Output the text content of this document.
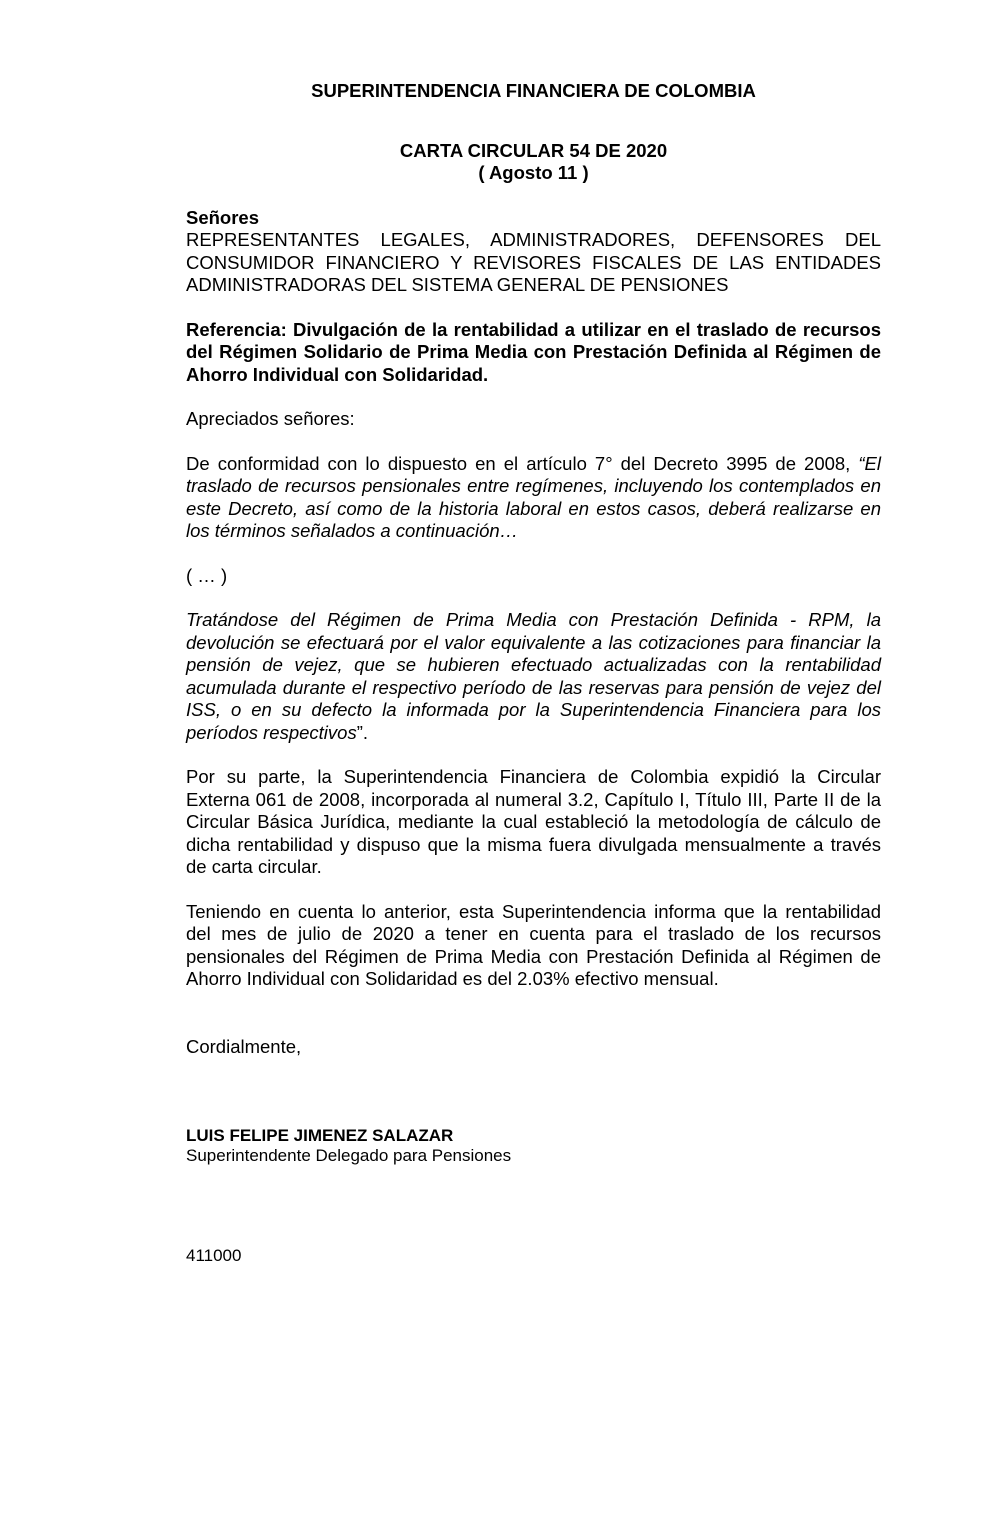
SUPERINTENDENCIA FINANCIERA DE COLOMBIA
CARTA CIRCULAR 54 DE 2020
( Agosto 11 )
Señores
REPRESENTANTES LEGALES, ADMINISTRADORES, DEFENSORES DEL CONSUMIDOR FINANCIERO Y REVISORES FISCALES DE LAS ENTIDADES ADMINISTRADORAS DEL SISTEMA GENERAL DE PENSIONES
Referencia: Divulgación de la rentabilidad a utilizar en el traslado de recursos del Régimen Solidario de Prima Media con Prestación Definida al Régimen de Ahorro Individual con Solidaridad.
Apreciados señores:

De conformidad con lo dispuesto en el artículo 7° del Decreto 3995 de 2008, “El traslado de recursos pensionales entre regímenes, incluyendo los contemplados en este Decreto, así como de la historia laboral en estos casos, deberá realizarse en los términos señalados a continuación…

( … )

Tratándose del Régimen de Prima Media con Prestación Definida - RPM, la devolución se efectuará por el valor equivalente a las cotizaciones para financiar la pensión de vejez, que se hubieren efectuado actualizadas con la rentabilidad acumulada durante el respectivo período de las reservas para pensión de vejez del ISS, o en su defecto la informada por la Superintendencia Financiera para los períodos respectivos”.

Por su parte, la Superintendencia Financiera de Colombia expidió la Circular Externa 061 de 2008, incorporada al numeral 3.2, Capítulo I, Título III, Parte II de la Circular Básica Jurídica, mediante la cual estableció la metodología de cálculo de dicha rentabilidad y dispuso que la misma fuera divulgada mensualmente a través de carta circular.

Teniendo en cuenta lo anterior, esta Superintendencia informa que la rentabilidad del mes de julio de 2020 a tener en cuenta para el traslado de los recursos pensionales del Régimen de Prima Media con Prestación Definida al Régimen de Ahorro Individual con Solidaridad es del 2.03% efectivo mensual.

Cordialmente,
LUIS FELIPE JIMENEZ SALAZAR
Superintendente Delegado para Pensiones
411000
